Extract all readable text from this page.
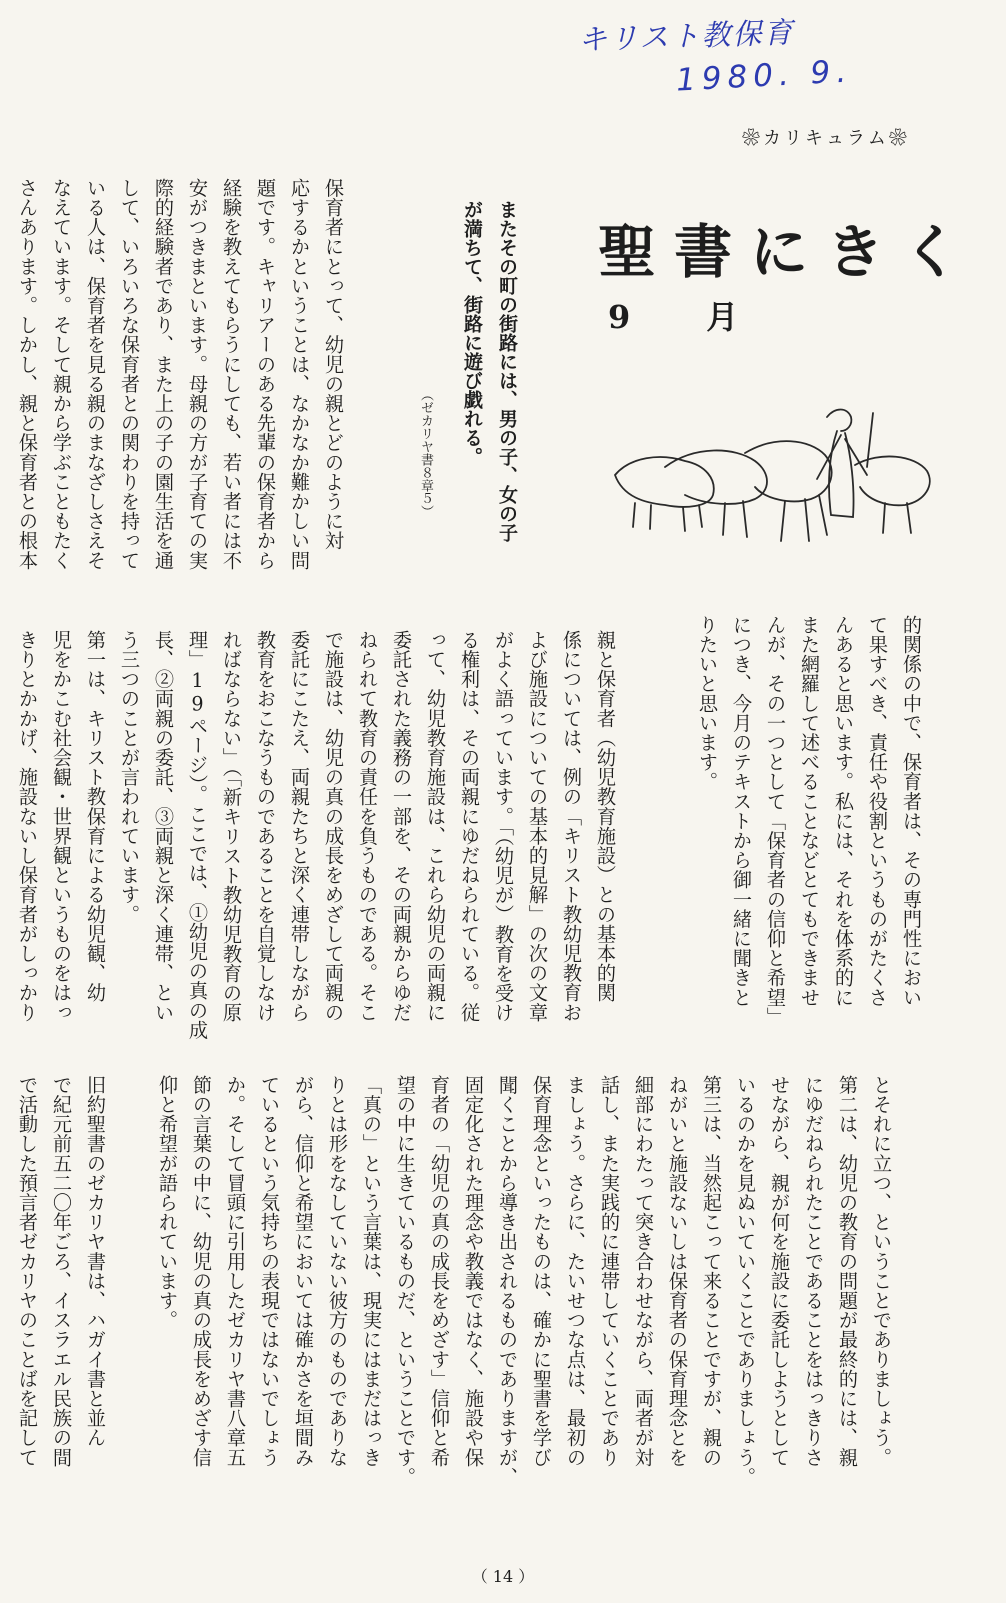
キリスト教保育
1980. 9.
❀カリキュラム❀
聖書にきく
9　月
またその町の街路には、男の子、女の子
が満ちて、街路に遊び戯れる。
（ゼカリヤ書８章５）
保育者にとって、幼児の親とどのように対
応するかということは、なかなか難かしい問
題です。キャリアーのある先輩の保育者から
経験を教えてもらうにしても、若い者には不
安がつきまといます。母親の方が子育ての実
際的経験者であり、また上の子の園生活を通
して、いろいろな保育者との関わりを持って
いる人は、保育者を見る親のまなざしさえそ
なえています。そして親から学ぶこともたく
さんあります。しかし、親と保育者との根本
的関係の中で、保育者は、その専門性におい
て果すべき、責任や役割というものがたくさ
んあると思います。私には、それを体系的に
また網羅して述べることなどとてもできませ
んが、その一つとして「保育者の信仰と希望」
につき、今月のテキストから御一緒に聞きと
りたいと思います。
親と保育者（幼児教育施設）との基本的関
係については、例の「キリスト教幼児教育お
よび施設についての基本的見解」の次の文章
がよく語っています。「（幼児が）教育を受け
る権利は、その両親にゆだねられている。従
って、幼児教育施設は、これら幼児の両親に
委託された義務の一部を、その両親からゆだ
ねられて教育の責任を負うものである。そこ
で施設は、幼児の真の成長をめざして両親の
委託にこたえ、両親たちと深く連帯しながら
教育をおこなうものであることを自覚しなけ
ればならない」（「新キリスト教幼児教育の原
理」19ページ）。ここでは、①幼児の真の成
長、②両親の委託、③両親と深く連帯、とい
う三つのことが言われています。
第一は、キリスト教保育による幼児観、幼
児をかこむ社会観・世界観というものをはっ
きりとかかげ、施設ないし保育者がしっかり
とそれに立つ、ということでありましょう。
第二は、幼児の教育の問題が最終的には、親
にゆだねられたことであることをはっきりさ
せながら、親が何を施設に委託しようとして
いるのかを見ぬいていくことでありましょう。
第三は、当然起こって来ることですが、親の
ねがいと施設ないしは保育者の保育理念とを
細部にわたって突き合わせながら、両者が対
話し、また実践的に連帯していくことであり
ましょう。さらに、たいせつな点は、最初の
保育理念といったものは、確かに聖書を学び
聞くことから導き出されるものでありますが、
固定化された理念や教義ではなく、施設や保
育者の「幼児の真の成長をめざす」信仰と希
望の中に生きているものだ、ということです。
「真の」という言葉は、現実にはまだはっき
りとは形をなしていない彼方のものでありな
がら、信仰と希望においては確かさを垣間み
ているという気持ちの表現ではないでしょう
か。そして冒頭に引用したゼカリヤ書八章五
節の言葉の中に、幼児の真の成長をめざす信
仰と希望が語られています。
旧約聖書のゼカリヤ書は、ハガイ書と並ん
で紀元前五二〇年ごろ、イスラエル民族の間
で活動した預言者ゼカリヤのことばを記して
（ 14 ）
